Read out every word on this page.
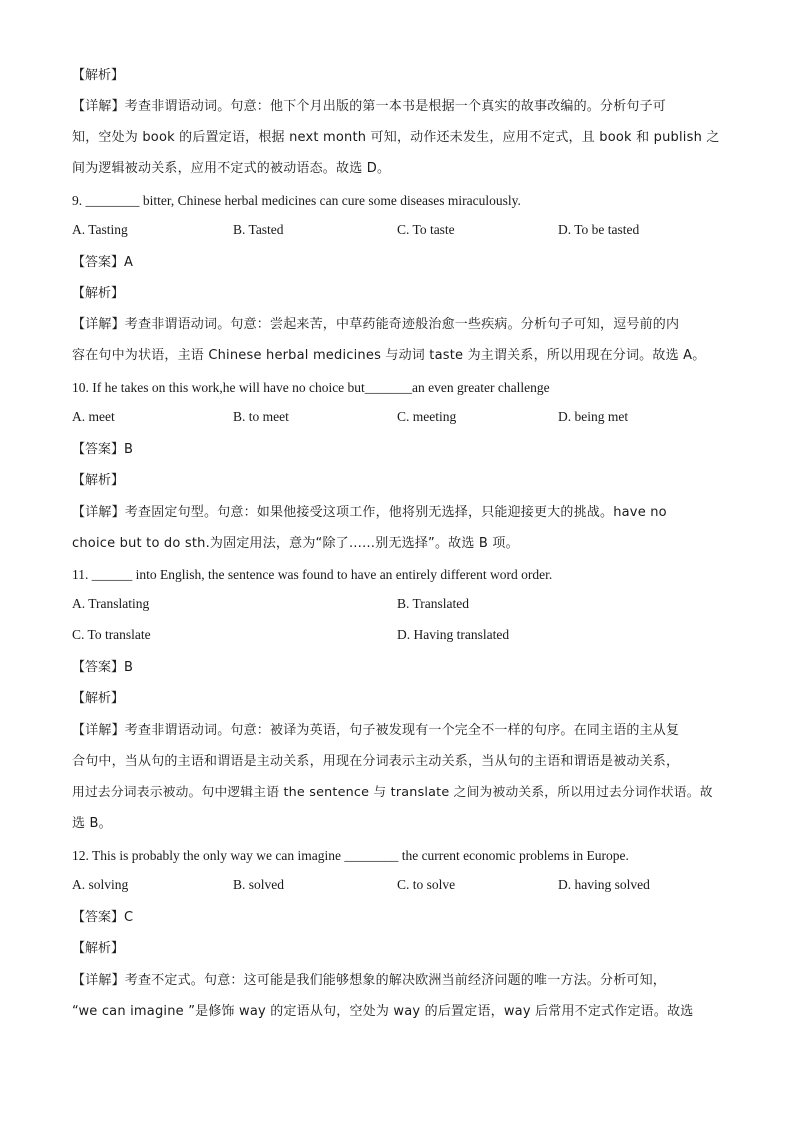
【解析】
【详解】考查非谓语动词。句意：他下个月出版的第一本书是根据一个真实的故事改编的。分析句子可
知，空处为 book 的后置定语，根据 next month 可知，动作还未发生，应用不定式，且 book 和 publish 之
间为逻辑被动关系，应用不定式的被动语态。故选 D。
9. ________ bitter, Chinese herbal medicines can cure some diseases miraculously.
A. Tasting	B. Tasted	C. To taste	D. To be tasted
【答案】A
【解析】
【详解】考查非谓语动词。句意：尝起来苦，中草药能奇迹般治愈一些疾病。分析句子可知，逗号前的内
容在句中为状语，主语 Chinese herbal medicines 与动词 taste 为主谓关系，所以用现在分词。故选 A。
10. If he takes on this work,he will have no choice but_______an even greater challenge
A. meet	B. to meet	C. meeting	D. being met
【答案】B
【解析】
【详解】考查固定句型。句意：如果他接受这项工作，他将别无选择，只能迎接更大的挑战。have no
choice but to do sth.为固定用法，意为“除了……别无选择”。故选 B 项。
11. ______ into English, the sentence was found to have an entirely different word order.
A. Translating	B. Translated
C. To translate	D. Having translated
【答案】B
【解析】
【详解】考查非谓语动词。句意：被译为英语，句子被发现有一个完全不一样的句序。在同主语的主从复
合句中，当从句的主语和谓语是主动关系，用现在分词表示主动关系，当从句的主语和谓语是被动关系，
用过去分词表示被动。句中逻辑主语 the sentence 与 translate 之间为被动关系，所以用过去分词作状语。故
选 B。
12. This is probably the only way we can imagine ________ the current economic problems in Europe.
A. solving	B. solved	C. to solve	D. having solved
【答案】C
【解析】
【详解】考查不定式。句意：这可能是我们能够想象的解决欧洲当前经济问题的唯一方法。分析可知，
“we can imagine ”是修饰 way 的定语从句，空处为 way 的后置定语，way 后常用不定式作定语。故选
